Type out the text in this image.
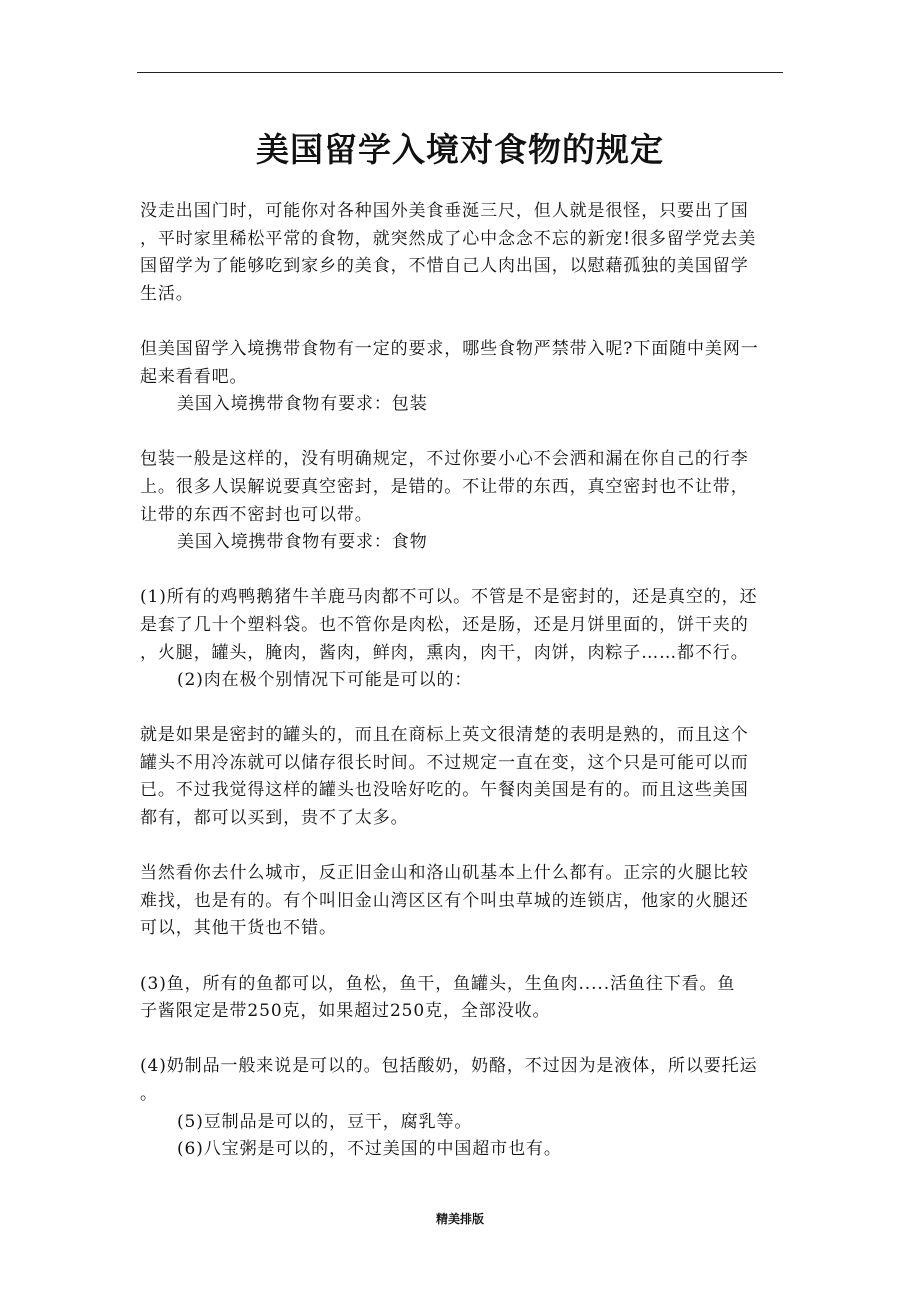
美国留学入境对食物的规定
没走出国门时，可能你对各种国外美食垂涎三尺，但人就是很怪，只要出了国
，平时家里稀松平常的食物，就突然成了心中念念不忘的新宠!很多留学党去美
国留学为了能够吃到家乡的美食，不惜自己人肉出国，以慰藉孤独的美国留学
生活。
但美国留学入境携带食物有一定的要求，哪些食物严禁带入呢?下面随中美网一
起来看看吧。
美国入境携带食物有要求：包装
包装一般是这样的，没有明确规定，不过你要小心不会洒和漏在你自己的行李
上。很多人误解说要真空密封，是错的。不让带的东西，真空密封也不让带，
让带的东西不密封也可以带。
美国入境携带食物有要求：食物
(1)所有的鸡鸭鹅猪牛羊鹿马肉都不可以。不管是不是密封的，还是真空的，还
是套了几十个塑料袋。也不管你是肉松，还是肠，还是月饼里面的，饼干夹的
，火腿，罐头，腌肉，酱肉，鲜肉，熏肉，肉干，肉饼，肉粽子……都不行。
(2)肉在极个别情况下可能是可以的：
就是如果是密封的罐头的，而且在商标上英文很清楚的表明是熟的，而且这个
罐头不用冷冻就可以储存很长时间。不过规定一直在变，这个只是可能可以而
已。不过我觉得这样的罐头也没啥好吃的。午餐肉美国是有的。而且这些美国
都有，都可以买到，贵不了太多。
当然看你去什么城市，反正旧金山和洛山矶基本上什么都有。正宗的火腿比较
难找，也是有的。有个叫旧金山湾区区有个叫虫草城的连锁店，他家的火腿还
可以，其他干货也不错。
(3)鱼，所有的鱼都可以，鱼松，鱼干，鱼罐头，生鱼肉.....活鱼往下看。鱼
子酱限定是带250克，如果超过250克，全部没收。
(4)奶制品一般来说是可以的。包括酸奶，奶酪，不过因为是液体，所以要托运
。
(5)豆制品是可以的，豆干，腐乳等。
(6)八宝粥是可以的，不过美国的中国超市也有。
精美排版
